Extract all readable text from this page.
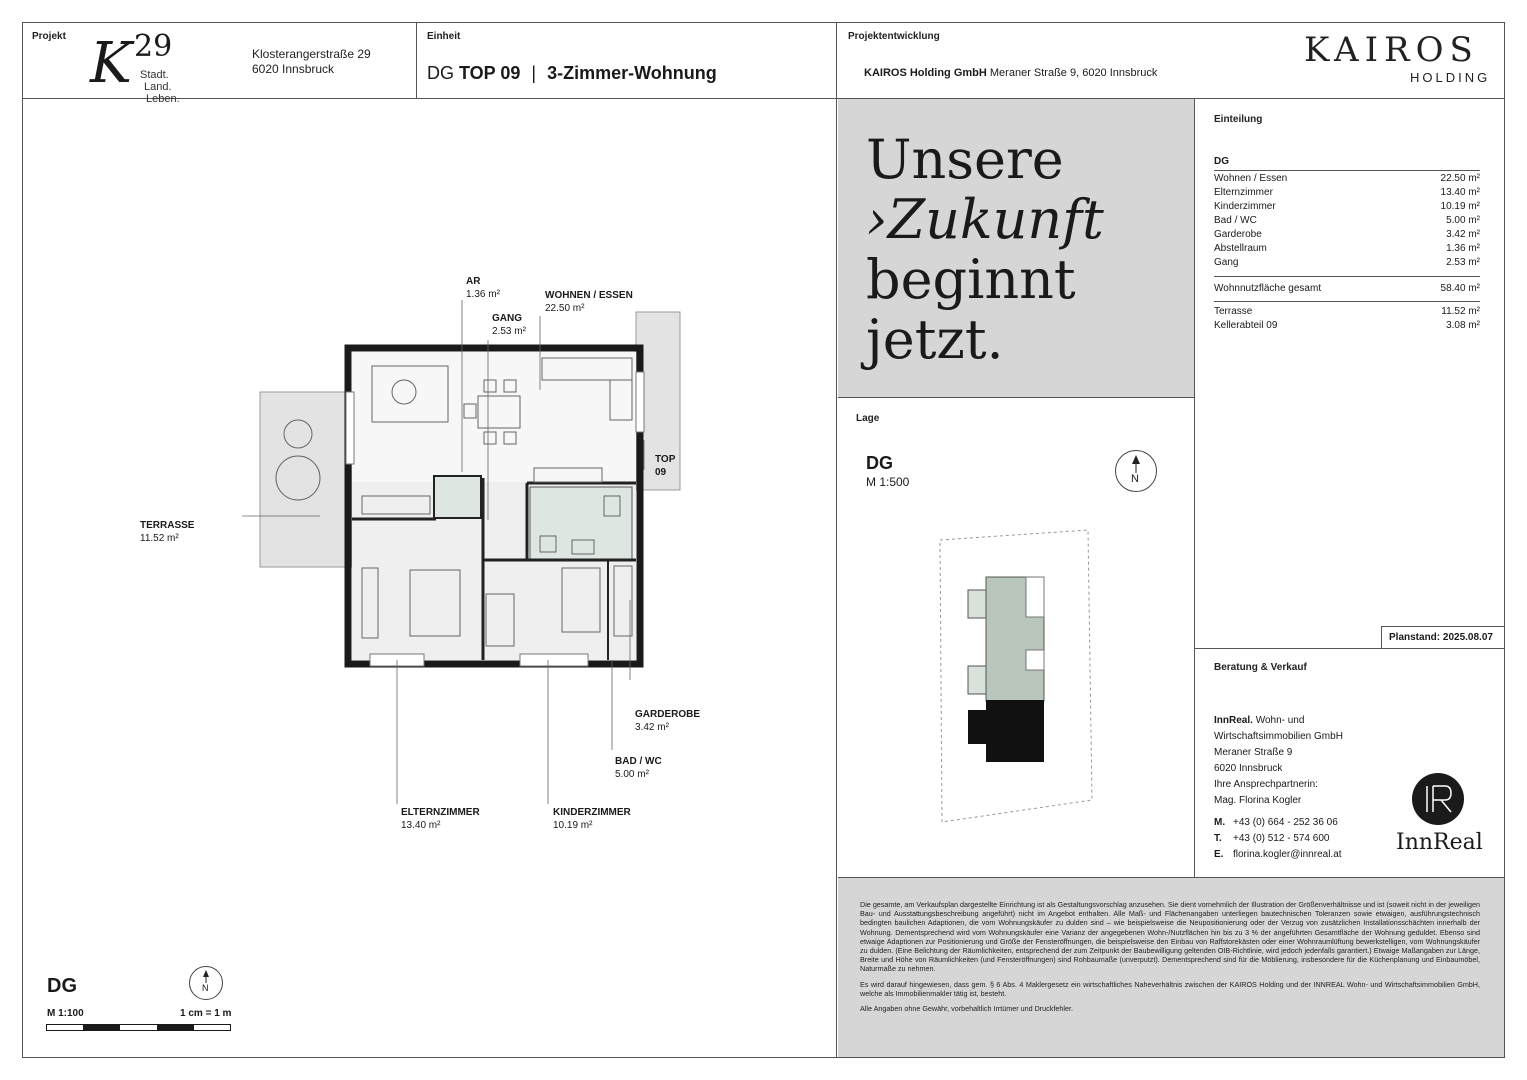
Projekt K 29
Stadt.
Land.
Leben.
Klosterangerstraße 29
6020 Innsbruck
Einheit
DG TOP 09 | 3-Zimmer-Wohnung
Projektentwicklung
KAIROS Holding GmbH Meraner Straße 9, 6020 Innsbruck
KAIROS
HOLDING
AR
1.36 m²
GANG
2.53 m²
WOHNEN / ESSEN
22.50 m²
TOP
09
TERRASSE
11.52 m²
GARDEROBE
3.42 m²
BAD / WC
5.00 m²
ELTERNZIMMER
13.40 m²
KINDERZIMMER
10.19 m²
DG
M 1:100	1 cm = 1 m
N
Unsere
›Zukunft
beginnt
jetzt.
Einteilung
DG
Wohnen / Essen	22.50 m²
Elternzimmer	13.40 m²
Kinderzimmer	10.19 m²
Bad / WC	5.00 m²
Garderobe	3.42 m²
Abstellraum	1.36 m²
Gang	2.53 m²
Wohnnutzfläche gesamt	58.40 m²
Terrasse	11.52 m²
Kellerabteil 09	3.08 m²
Planstand: 2025.08.07
Lage
DG
M 1:500	N
Beratung & Verkauf
InnReal. Wohn- und
Wirtschaftsimmobilien GmbH
Meraner Straße 9
6020 Innsbruck
Ihre Ansprechpartnerin:
Mag. Florina Kogler
M. +43 (0) 664 - 252 36 06
T. +43 (0) 512 - 574 600
E. florina.kogler@innreal.at InnReal

Die gesamte, am Verkaufsplan dargestellte Einrichtung ist als Gestaltungsvorschlag anzusehen. Sie dient vornehmlich der Illustration der Größenverhältnisse und ist (soweit nicht in der jeweiligen Bau- und Ausstattungsbeschreibung angeführt) nicht im Angebot enthalten. Alle Maß- und Flächenangaben unterliegen bautechnischen Toleranzen sowie etwaigen, ausführungstechnisch bedingten baulichen Adaptionen, die vom Wohnungskäufer zu dulden sind – wie beispielsweise die Neupositionierung oder der Verzug von zusätzlichen Installationsschächten innerhalb der Wohnung. Dementsprechend wird vom Wohnungskäufer eine Varianz der angegebenen Wohn-/Nutzflächen hin bis zu 3 % der angeführten Gesamtfläche der Wohnung geduldet. Ebenso sind etwaige Adaptionen zur Positionierung und Größe der Fensteröffnungen, die beispielsweise den Einbau von Raffstorekästen oder einer Wohnraumlüftung bewerkstelligen, vom Wohnungskäufer zu dulden. (Eine Belichtung der Räumlichkeiten, entsprechend der zum Zeitpunkt der Baubewilligung geltenden OIB-Richtlinie, wird jedoch jedenfalls garantiert.) Etwaige Maßangaben zur Länge, Breite und Höhe von Räumlichkeiten (und Fensteröffnungen) sind Rohbaumaße (unverputzt). Dementsprechend sind für die Möblierung, insbesondere für die Küchenplanung und Einbaumöbel, Naturmaße zu nehmen.

Es wird darauf hingewiesen, dass gem. § 6 Abs. 4 Maklergesetz ein wirtschaftliches Naheverhältnis zwischen der KAIROS Holding und der INNREAL Wohn- und Wirtschaftsimmobilien GmbH, welche als Immobilienmakler tätig ist, besteht.

Alle Angaben ohne Gewähr, vorbehaltlich Irrtümer und Druckfehler.
